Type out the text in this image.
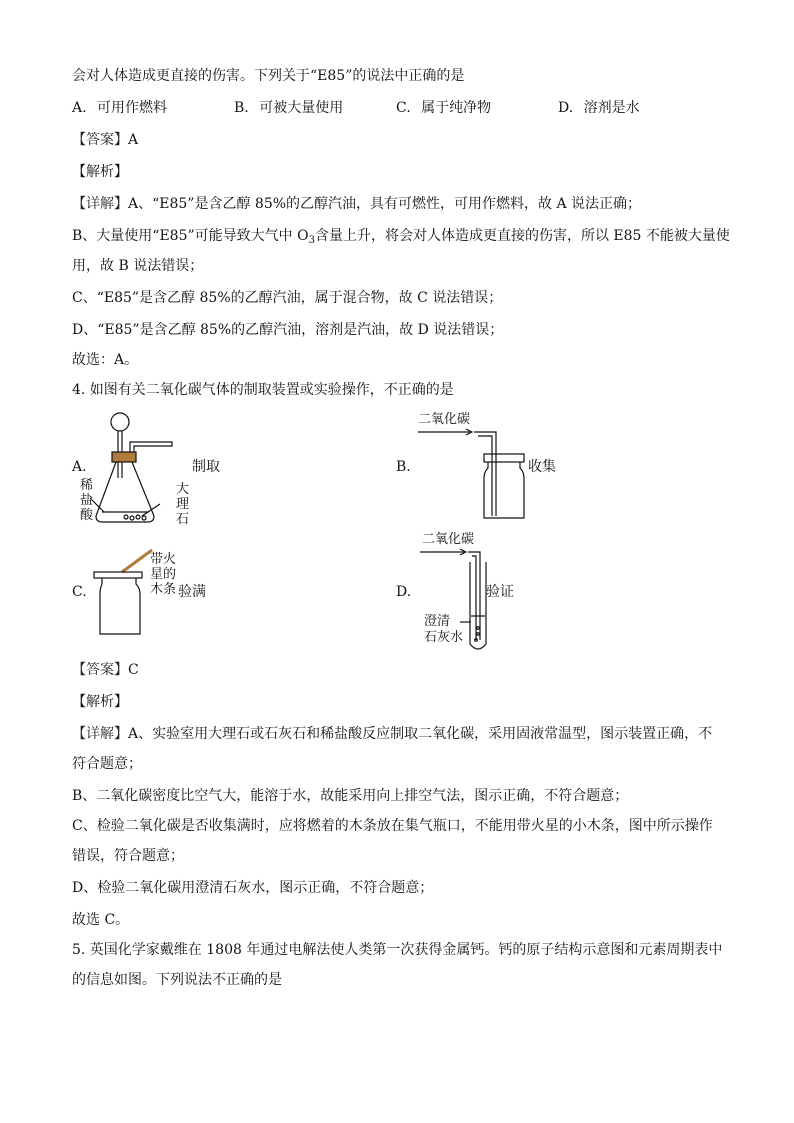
会对人体造成更直接的伤害。下列关于“E85”的说法中正确的是
A. 可用作燃料	B. 可被大量使用	C. 属于纯净物	D. 溶剂是水
【答案】A
【解析】
【详解】A、“E85”是含乙醇 85%的乙醇汽油，具有可燃性，可用作燃料，故 A 说法正确；
B、大量使用“E85”可能导致大气中 $O_3$含量上升，将会对人体造成更直接的伤害，所以 E85 不能被大量使
用，故 B 说法错误；
C、“E85”是含乙醇 85%的乙醇汽油，属于混合物，故 C 说法错误；
D、“E85”是含乙醇 85%的乙醇汽油，溶剂是汽油，故 D 说法错误；
故选：A。
4. 如图有关二氧化碳气体的制取装置或实验操作，不正确的是
A.
稀
盐
酸
大
理
石
制取	B.
二氧化碳
收集
C.
带火
星的
木条 验满	D.
二氧化碳
澄清
石灰水
验证
【答案】C
【解析】
【详解】A、实验室用大理石或石灰石和稀盐酸反应制取二氧化碳，采用固液常温型，图示装置正确，不
符合题意；
B、二氧化碳密度比空气大，能溶于水，故能采用向上排空气法，图示正确，不符合题意；
C、检验二氧化碳是否收集满时，应将燃着的木条放在集气瓶口，不能用带火星的小木条，图中所示操作
错误，符合题意；
D、检验二氧化碳用澄清石灰水，图示正确，不符合题意；
故选 C。
5. 英国化学家戴维在 1808 年通过电解法使人类第一次获得金属钙。钙的原子结构示意图和元素周期表中
的信息如图。下列说法不正确的是
